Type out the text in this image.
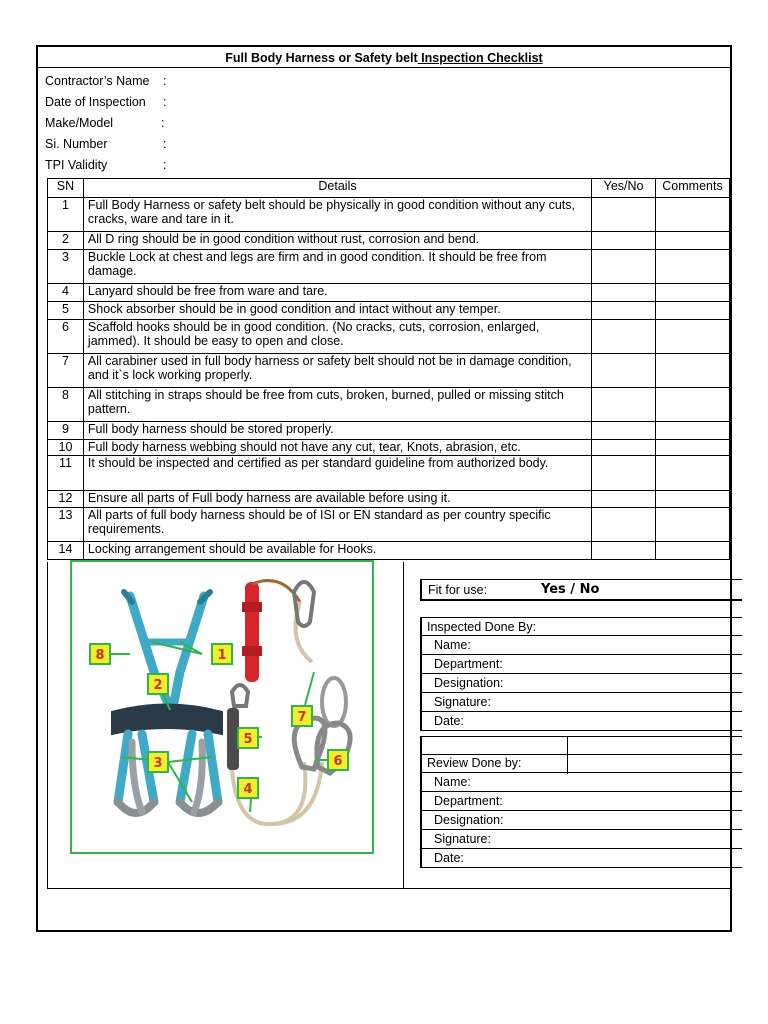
Full Body Harness or Safety belt Inspection Checklist
Contractor’s Name :
Date of Inspection :
Make/Model	:
Si. Number	:
TPI Validity	:
SN	Details	Yes/No	Comments
1	Full Body Harness or safety belt should be physically in good condition without any cuts, cracks, ware and tare in it.		
2	All D ring should be in good condition without rust, corrosion and bend.		
3	Buckle Lock at chest and legs are firm and in good condition. It should be free from damage.		
4	Lanyard should be free from ware and tare.		
5	Shock absorber should be in good condition and intact without any temper.		
6	Scaffold hooks should be in good condition. (No cracks, cuts, corrosion, enlarged, jammed). It should be easy to open and close.		
7	All carabiner used in full body harness or safety belt should not be in damage condition, and it`s lock working properly.		
8	All stitching in straps should be free from cuts, broken, burned, pulled or missing stitch pattern.		
9	Full body harness should be stored properly.		
10	Full body harness webbing should not have any cut, tear, Knots, abrasion, etc.		
11	It should be inspected and certified as per standard guideline from authorized body.		
12	Ensure all parts of Full body harness are available before using it.		
13	All parts of full body harness should be of ISI or EN standard as per country specific requirements.		
14	Locking arrangement should be available for Hooks.		
8	1
2
3
4
5
6
7
Fit for use:	Yes / No
Inspected Done By:
Name:
Department:
Designation:
Signature:
Date:
Review Done by:
Name:
Department:
Designation:
Signature:
Date:
